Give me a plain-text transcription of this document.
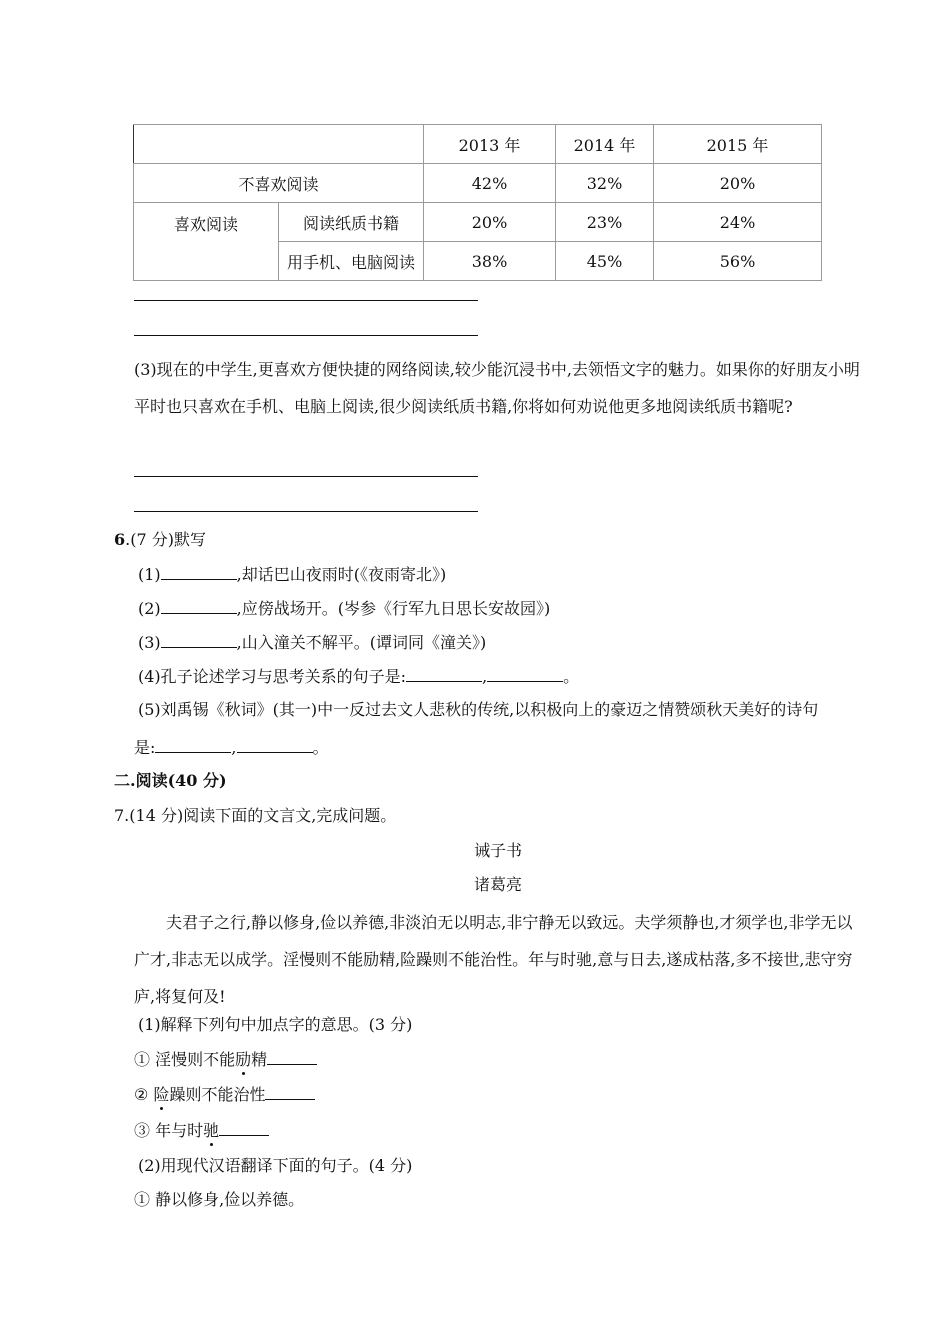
		2013 年	2014 年	2015 年
不喜欢阅读		42%	32%	20%
喜欢阅读	阅读纸质书籍	20%	23%	24%
	用手机、电脑阅读	38%	45%	56%
(3)现在的中学生,更喜欢方便快捷的网络阅读,较少能沉浸书中,去领悟文字的魅力。如果你的好朋友小明平时也只喜欢在手机、电脑上阅读,很少阅读纸质书籍,你将如何劝说他更多地阅读纸质书籍呢?
6.(7 分)默写
(1)	,却话巴山夜雨时(《夜雨寄北》)
(2)	,应傍战场开。(岑参《行军九日思长安故园》)
(3)	,山入潼关不解平。(谭词同《潼关》)
(4)孔子论述学习与思考关系的句子是:	,	。
(5)刘禹锡《秋词》(其一)中一反过去文人悲秋的传统,以积极向上的豪迈之情赞颂秋天美好的诗句
是:	,	。
二.阅读(40 分)
7.(14 分)阅读下面的文言文,完成问题。
诫子书
诸葛亮
夫君子之行,静以修身,俭以养德,非淡泊无以明志,非宁静无以致远。夫学须静也,才须学也,非学无以广才,非志无以成学。淫慢则不能励精,险躁则不能治性。年与时驰,意与日去,遂成枯落,多不接世,悲守穷庐,将复何及!
(1)解释下列句中加点字的意思。(3 分)
① 淫慢则不能励精
② 险躁则不能治性
③ 年与时驰
(2)用现代汉语翻译下面的句子。(4 分)
① 静以修身,俭以养德。
